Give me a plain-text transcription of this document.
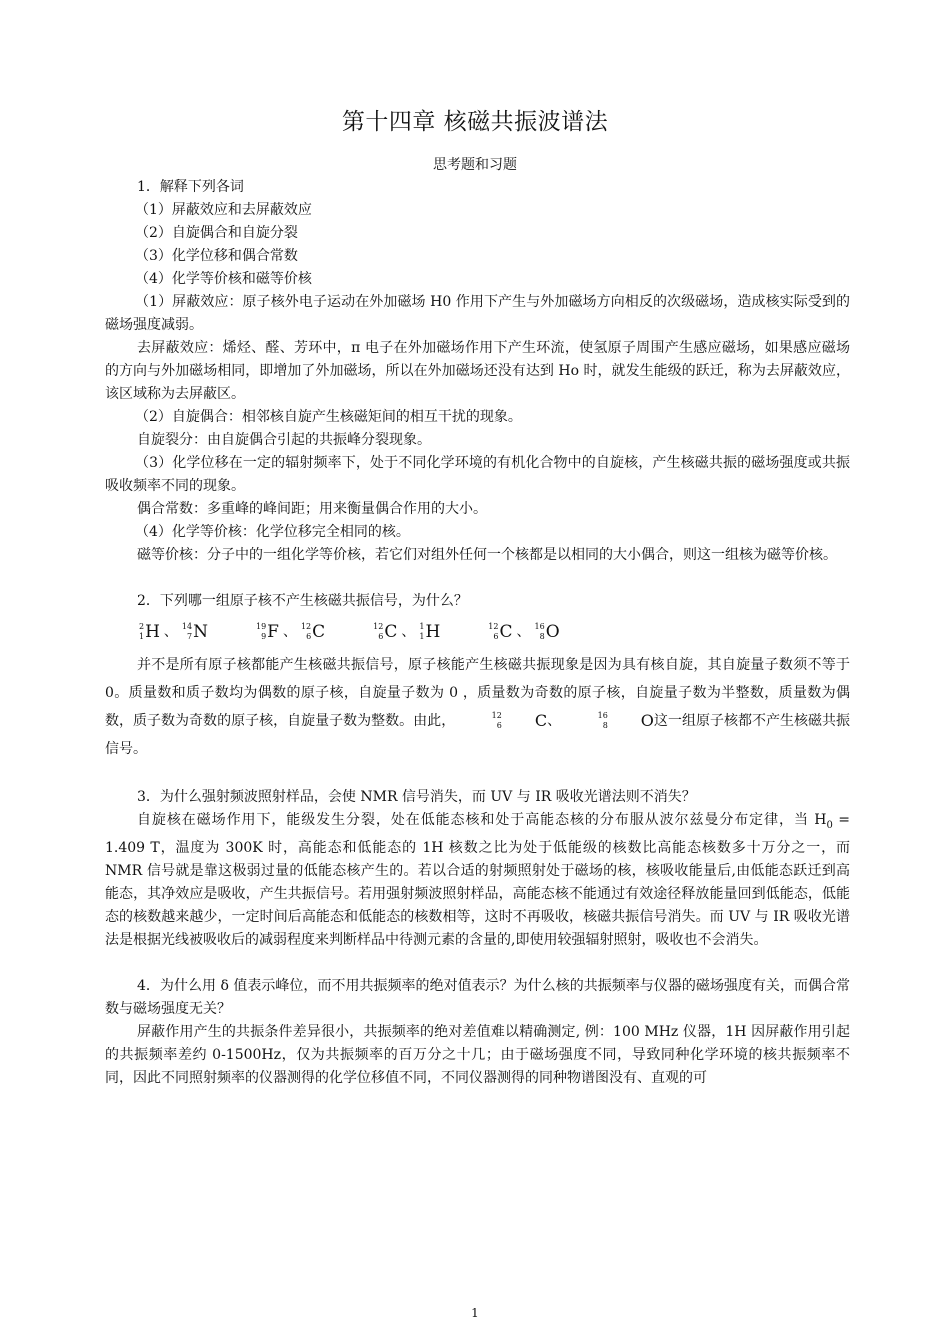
第十四章 核磁共振波谱法
思考题和习题

1．解释下列各词

（1）屏蔽效应和去屏蔽效应

（2）自旋偶合和自旋分裂

（3）化学位移和偶合常数

（4）化学等价核和磁等价核

（1）屏蔽效应：原子核外电子运动在外加磁场 H0 作用下产生与外加磁场方向相反的次级磁场，造成核实际受到的磁场强度减弱。

去屏蔽效应：烯烃、醛、芳环中，π 电子在外加磁场作用下产生环流，使氢原子周围产生感应磁场，如果感应磁场的方向与外加磁场相同，即增加了外加磁场，所以在外加磁场还没有达到 Ho 时，就发生能级的跃迁，称为去屏蔽效应，该区域称为去屏蔽区。

（2）自旋偶合：相邻核自旋产生核磁矩间的相互干扰的现象。

自旋裂分：由自旋偶合引起的共振峰分裂现象。

（3）化学位移在一定的辐射频率下，处于不同化学环境的有机化合物中的自旋核，产生核磁共振的磁场强度或共振吸收频率不同的现象。

偶合常数：多重峰的峰间距；用来衡量偶合作用的大小。

（4）化学等价核：化学位移完全相同的核。

磁等价核：分子中的一组化学等价核，若它们对组外任何一个核都是以相同的大小偶合，则这一组核为磁等价核。

2．下列哪一组原子核不产生核磁共振信号，为什么？

2
1 H 、 14
7 N	19
9 F 、 12
6 C	12
6 C 、 1
1 H	12
6 C 、 16
8 O

并不是所有原子核都能产生核磁共振信号，原子核能产生核磁共振现象是因为具有核自旋，其自旋量子数须不等于 0。质量数和质子数均为偶数的原子核，自旋量子数为 0 ，质量数为奇数的原子核，自旋量子数为半整数，质量数为偶数，质子数为奇数的原子核，自旋量子数为整数。由此，	12
6	C 、	16
8	O 这一组原子核都不产生核磁共振信号。

3．为什么强射频波照射样品，会使 NMR 信号消失，而 UV 与 IR 吸收光谱法则不消失？

自旋核在磁场作用下，能级发生分裂，处在低能态核和处于高能态核的分布服从波尔兹曼分布定律，当 $H_0 = 1.409$ T，温度为 300K 时，高能态和低能态的 1H 核数之比为处于低能级的核数比高能态核数多十万分之一，而 NMR 信号就是靠这极弱过量的低能态核产生的。若以合适的射频照射处于磁场的核，核吸收能量后,由低能态跃迁到高能态，其净效应是吸收，产生共振信号。若用强射频波照射样品，高能态核不能通过有效途径释放能量回到低能态，低能态的核数越来越少，一定时间后高能态和低能态的核数相等，这时不再吸收，核磁共振信号消失。而 UV 与 IR 吸收光谱法是根据光线被吸收后的减弱程度来判断样品中待测元素的含量的,即使用较强辐射照射，吸收也不会消失。

4．为什么用 δ 值表示峰位，而不用共振频率的绝对值表示？为什么核的共振频率与仪器的磁场强度有关，而偶合常数与磁场强度无关？

屏蔽作用产生的共振条件差异很小，共振频率的绝对差值难以精确测定, 例：100 MHz 仪器，1H 因屏蔽作用引起的共振频率差约 0-1500Hz，仅为共振频率的百万分之十几；由于磁场强度不同，导致同种化学环境的核共振频率不同，因此不同照射频率的仪器测得的化学位移值不同，不同仪器测得的同种物谱图没有、直观的可

1
